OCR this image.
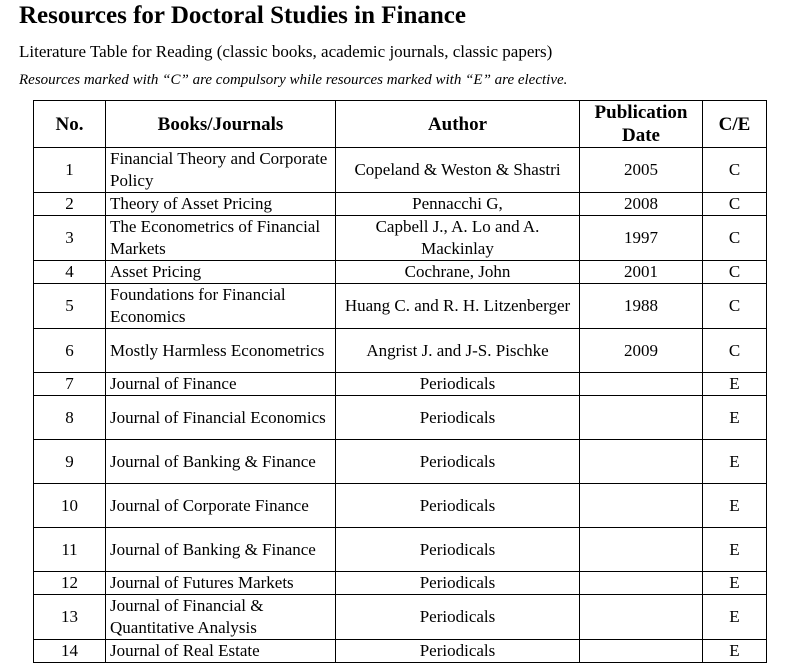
Resources for Doctoral Studies in Finance
Literature Table for Reading (classic books, academic journals, classic papers)
Resources marked with “C” are compulsory while resources marked with “E” are elective.
No.	Books/Journals	Author	Publication Date	C/E
1	Financial Theory and Corporate Policy	Copeland & Weston & Shastri	2005	C
2	Theory of Asset Pricing	Pennacchi G,	2008	C
3	The Econometrics of Financial Markets	Capbell J., A. Lo and A. Mackinlay	1997	C
4	Asset Pricing	Cochrane, John	2001	C
5	Foundations for Financial Economics	Huang C. and R. H. Litzenberger	1988	C
6	Mostly Harmless Econometrics	Angrist J. and J-S. Pischke	2009	C
7	Journal of Finance	Periodicals		E
8	Journal of Financial Economics	Periodicals		E
9	Journal of Banking & Finance	Periodicals		E
10	Journal of Corporate Finance	Periodicals		E
11	Journal of Banking & Finance	Periodicals		E
12	Journal of Futures Markets	Periodicals		E
13	Journal of Financial & Quantitative Analysis	Periodicals		E
14	Journal of Real Estate	Periodicals		E
